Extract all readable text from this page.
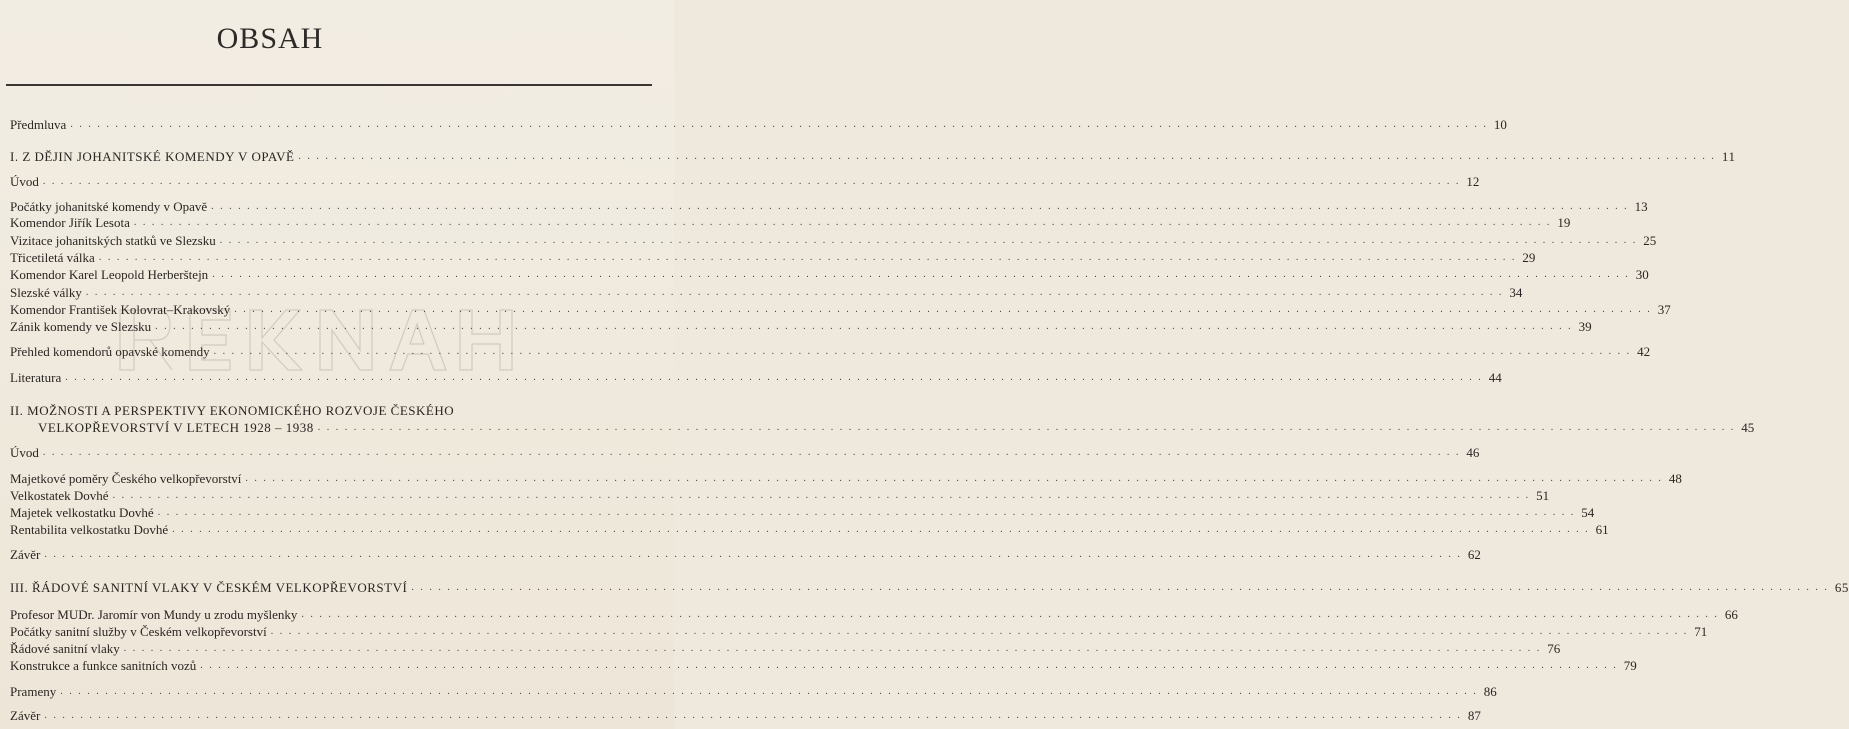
OBSAH
Předmluva . . . . . . . . . . . . . . . . . . . . . . . . . . . . . . . . . . . . . . . . . . . . . . . . . . . . . . . . . . . . . . . . . . . . . . . . . . . . . . . . . . . . . . . . . . . . . . . . . . . . . . . . . . . . . . . . . . . . . . . . . . . . . . . . . . . . . . . . . . . . . . . . . . . . . . . . . . . . . . 10
I. Z DĚJIN JOHANITSKÉ KOMENDY V OPAVĚ . . . . . . . . . . . . . . . . . . . . . . . . . . . . . . . . . . . . . . . . . . . . . . . . . . . . . . . . . . . . . . . . . . . . . . . . . . . . . . . . . . . . . . . . . . . . . . . . . . . . . . . . . . . . . . . . . . . . . . . . . . . . . . . . . . . . . . . . . . . . . . . . . . . . . . . . . . . . . . 11
Úvod . . . . . . . . . . . . . . . . . . . . . . . . . . . . . . . . . . . . . . . . . . . . . . . . . . . . . . . . . . . . . . . . . . . . . . . . . . . . . . . . . . . . . . . . . . . . . . . . . . . . . . . . . . . . . . . . . . . . . . . . . . . . . . . . . . . . . . . . . . . . . . . . . . . . . . . . . . . . . . 12
Počátky johanitské komendy v Opavě . . . . . . . . . . . . . . . . . . . . . . . . . . . . . . . . . . . . . . . . . . . . . . . . . . . . . . . . . . . . . . . . . . . . . . . . . . . . . . . . . . . . . . . . . . . . . . . . . . . . . . . . . . . . . . . . . . . . . . . . . . . . . . . . . . . . . . . . . . . . . . . . . . . . . . . . . . . . . . 13
Komendor Jiřík Lesota . . . . . . . . . . . . . . . . . . . . . . . . . . . . . . . . . . . . . . . . . . . . . . . . . . . . . . . . . . . . . . . . . . . . . . . . . . . . . . . . . . . . . . . . . . . . . . . . . . . . . . . . . . . . . . . . . . . . . . . . . . . . . . . . . . . . . . . . . . . . . . . . . . . . . . . . . . . . . . 19
Vizitace johanitských statků ve Slezsku . . . . . . . . . . . . . . . . . . . . . . . . . . . . . . . . . . . . . . . . . . . . . . . . . . . . . . . . . . . . . . . . . . . . . . . . . . . . . . . . . . . . . . . . . . . . . . . . . . . . . . . . . . . . . . . . . . . . . . . . . . . . . . . . . . . . . . . . . . . . . . . . . . . . . . . . . . . . . . 25
Třicetiletá válka . . . . . . . . . . . . . . . . . . . . . . . . . . . . . . . . . . . . . . . . . . . . . . . . . . . . . . . . . . . . . . . . . . . . . . . . . . . . . . . . . . . . . . . . . . . . . . . . . . . . . . . . . . . . . . . . . . . . . . . . . . . . . . . . . . . . . . . . . . . . . . . . . . . . . . . . . . . . . . 29
Komendor Karel Leopold Herberštejn . . . . . . . . . . . . . . . . . . . . . . . . . . . . . . . . . . . . . . . . . . . . . . . . . . . . . . . . . . . . . . . . . . . . . . . . . . . . . . . . . . . . . . . . . . . . . . . . . . . . . . . . . . . . . . . . . . . . . . . . . . . . . . . . . . . . . . . . . . . . . . . . . . . . . . . . . . . . . . 30
Slezské války . . . . . . . . . . . . . . . . . . . . . . . . . . . . . . . . . . . . . . . . . . . . . . . . . . . . . . . . . . . . . . . . . . . . . . . . . . . . . . . . . . . . . . . . . . . . . . . . . . . . . . . . . . . . . . . . . . . . . . . . . . . . . . . . . . . . . . . . . . . . . . . . . . . . . . . . . . . . . . 34
Komendor František Kolovrat–Krakovský . . . . . . . . . . . . . . . . . . . . . . . . . . . . . . . . . . . . . . . . . . . . . . . . . . . . . . . . . . . . . . . . . . . . . . . . . . . . . . . . . . . . . . . . . . . . . . . . . . . . . . . . . . . . . . . . . . . . . . . . . . . . . . . . . . . . . . . . . . . . . . . . . . . . . . . . . . . . . . 37
Zánik komendy ve Slezsku . . . . . . . . . . . . . . . . . . . . . . . . . . . . . . . . . . . . . . . . . . . . . . . . . . . . . . . . . . . . . . . . . . . . . . . . . . . . . . . . . . . . . . . . . . . . . . . . . . . . . . . . . . . . . . . . . . . . . . . . . . . . . . . . . . . . . . . . . . . . . . . . . . . . . . . . . . . . . . 39
Přehled komendorů opavské komendy . . . . . . . . . . . . . . . . . . . . . . . . . . . . . . . . . . . . . . . . . . . . . . . . . . . . . . . . . . . . . . . . . . . . . . . . . . . . . . . . . . . . . . . . . . . . . . . . . . . . . . . . . . . . . . . . . . . . . . . . . . . . . . . . . . . . . . . . . . . . . . . . . . . . . . . . . . . . . . 42
Literatura . . . . . . . . . . . . . . . . . . . . . . . . . . . . . . . . . . . . . . . . . . . . . . . . . . . . . . . . . . . . . . . . . . . . . . . . . . . . . . . . . . . . . . . . . . . . . . . . . . . . . . . . . . . . . . . . . . . . . . . . . . . . . . . . . . . . . . . . . . . . . . . . . . . . . . . . . . . . . . 44
II. MOŽNOSTI A PERSPEKTIVY EKONOMICKÉHO ROZVOJE ČESKÉHO
VELKOPŘEVORSTVÍ V LETECH 1928 – 1938 . . . . . . . . . . . . . . . . . . . . . . . . . . . . . . . . . . . . . . . . . . . . . . . . . . . . . . . . . . . . . . . . . . . . . . . . . . . . . . . . . . . . . . . . . . . . . . . . . . . . . . . . . . . . . . . . . . . . . . . . . . . . . . . . . . . . . . . . . . . . . . . . . . . . . . . . . . . . . . 45
Úvod . . . . . . . . . . . . . . . . . . . . . . . . . . . . . . . . . . . . . . . . . . . . . . . . . . . . . . . . . . . . . . . . . . . . . . . . . . . . . . . . . . . . . . . . . . . . . . . . . . . . . . . . . . . . . . . . . . . . . . . . . . . . . . . . . . . . . . . . . . . . . . . . . . . . . . . . . . . . . . 46
Majetkové poměry Českého velkopřevorství . . . . . . . . . . . . . . . . . . . . . . . . . . . . . . . . . . . . . . . . . . . . . . . . . . . . . . . . . . . . . . . . . . . . . . . . . . . . . . . . . . . . . . . . . . . . . . . . . . . . . . . . . . . . . . . . . . . . . . . . . . . . . . . . . . . . . . . . . . . . . . . . . . . . . . . . . . . . . . 48
Velkostatek Dovhé . . . . . . . . . . . . . . . . . . . . . . . . . . . . . . . . . . . . . . . . . . . . . . . . . . . . . . . . . . . . . . . . . . . . . . . . . . . . . . . . . . . . . . . . . . . . . . . . . . . . . . . . . . . . . . . . . . . . . . . . . . . . . . . . . . . . . . . . . . . . . . . . . . . . . . . . . . . . . . 51
Majetek velkostatku Dovhé . . . . . . . . . . . . . . . . . . . . . . . . . . . . . . . . . . . . . . . . . . . . . . . . . . . . . . . . . . . . . . . . . . . . . . . . . . . . . . . . . . . . . . . . . . . . . . . . . . . . . . . . . . . . . . . . . . . . . . . . . . . . . . . . . . . . . . . . . . . . . . . . . . . . . . . . . . . . . . 54
Rentabilita velkostatku Dovhé . . . . . . . . . . . . . . . . . . . . . . . . . . . . . . . . . . . . . . . . . . . . . . . . . . . . . . . . . . . . . . . . . . . . . . . . . . . . . . . . . . . . . . . . . . . . . . . . . . . . . . . . . . . . . . . . . . . . . . . . . . . . . . . . . . . . . . . . . . . . . . . . . . . . . . . . . . . . . . 61
Závěr . . . . . . . . . . . . . . . . . . . . . . . . . . . . . . . . . . . . . . . . . . . . . . . . . . . . . . . . . . . . . . . . . . . . . . . . . . . . . . . . . . . . . . . . . . . . . . . . . . . . . . . . . . . . . . . . . . . . . . . . . . . . . . . . . . . . . . . . . . . . . . . . . . . . . . . . . . . . . . 62
III. ŘÁDOVÉ SANITNÍ VLAKY V ČESKÉM VELKOPŘEVORSTVÍ . . . . . . . . . . . . . . . . . . . . . . . . . . . . . . . . . . . . . . . . . . . . . . . . . . . . . . . . . . . . . . . . . . . . . . . . . . . . . . . . . . . . . . . . . . . . . . . . . . . . . . . . . . . . . . . . . . . . . . . . . . . . . . . . . . . . . . . . . . . . . . . . . . . . . . . . . . . . . . 65
Profesor MUDr. Jaromír von Mundy u zrodu myšlenky . . . . . . . . . . . . . . . . . . . . . . . . . . . . . . . . . . . . . . . . . . . . . . . . . . . . . . . . . . . . . . . . . . . . . . . . . . . . . . . . . . . . . . . . . . . . . . . . . . . . . . . . . . . . . . . . . . . . . . . . . . . . . . . . . . . . . . . . . . . . . . . . . . . . . . . . . . . . . . 66
Počátky sanitní služby v Českém velkopřevorství . . . . . . . . . . . . . . . . . . . . . . . . . . . . . . . . . . . . . . . . . . . . . . . . . . . . . . . . . . . . . . . . . . . . . . . . . . . . . . . . . . . . . . . . . . . . . . . . . . . . . . . . . . . . . . . . . . . . . . . . . . . . . . . . . . . . . . . . . . . . . . . . . . . . . . . . . . . . . . 71
Řádové sanitní vlaky . . . . . . . . . . . . . . . . . . . . . . . . . . . . . . . . . . . . . . . . . . . . . . . . . . . . . . . . . . . . . . . . . . . . . . . . . . . . . . . . . . . . . . . . . . . . . . . . . . . . . . . . . . . . . . . . . . . . . . . . . . . . . . . . . . . . . . . . . . . . . . . . . . . . . . . . . . . . . . 76
Konstrukce a funkce sanitních vozů . . . . . . . . . . . . . . . . . . . . . . . . . . . . . . . . . . . . . . . . . . . . . . . . . . . . . . . . . . . . . . . . . . . . . . . . . . . . . . . . . . . . . . . . . . . . . . . . . . . . . . . . . . . . . . . . . . . . . . . . . . . . . . . . . . . . . . . . . . . . . . . . . . . . . . . . . . . . . . 79
Prameny . . . . . . . . . . . . . . . . . . . . . . . . . . . . . . . . . . . . . . . . . . . . . . . . . . . . . . . . . . . . . . . . . . . . . . . . . . . . . . . . . . . . . . . . . . . . . . . . . . . . . . . . . . . . . . . . . . . . . . . . . . . . . . . . . . . . . . . . . . . . . . . . . . . . . . . . . . . . . . 86
Závěr . . . . . . . . . . . . . . . . . . . . . . . . . . . . . . . . . . . . . . . . . . . . . . . . . . . . . . . . . . . . . . . . . . . . . . . . . . . . . . . . . . . . . . . . . . . . . . . . . . . . . . . . . . . . . . . . . . . . . . . . . . . . . . . . . . . . . . . . . . . . . . . . . . . . . . . . . . . . . . 87
